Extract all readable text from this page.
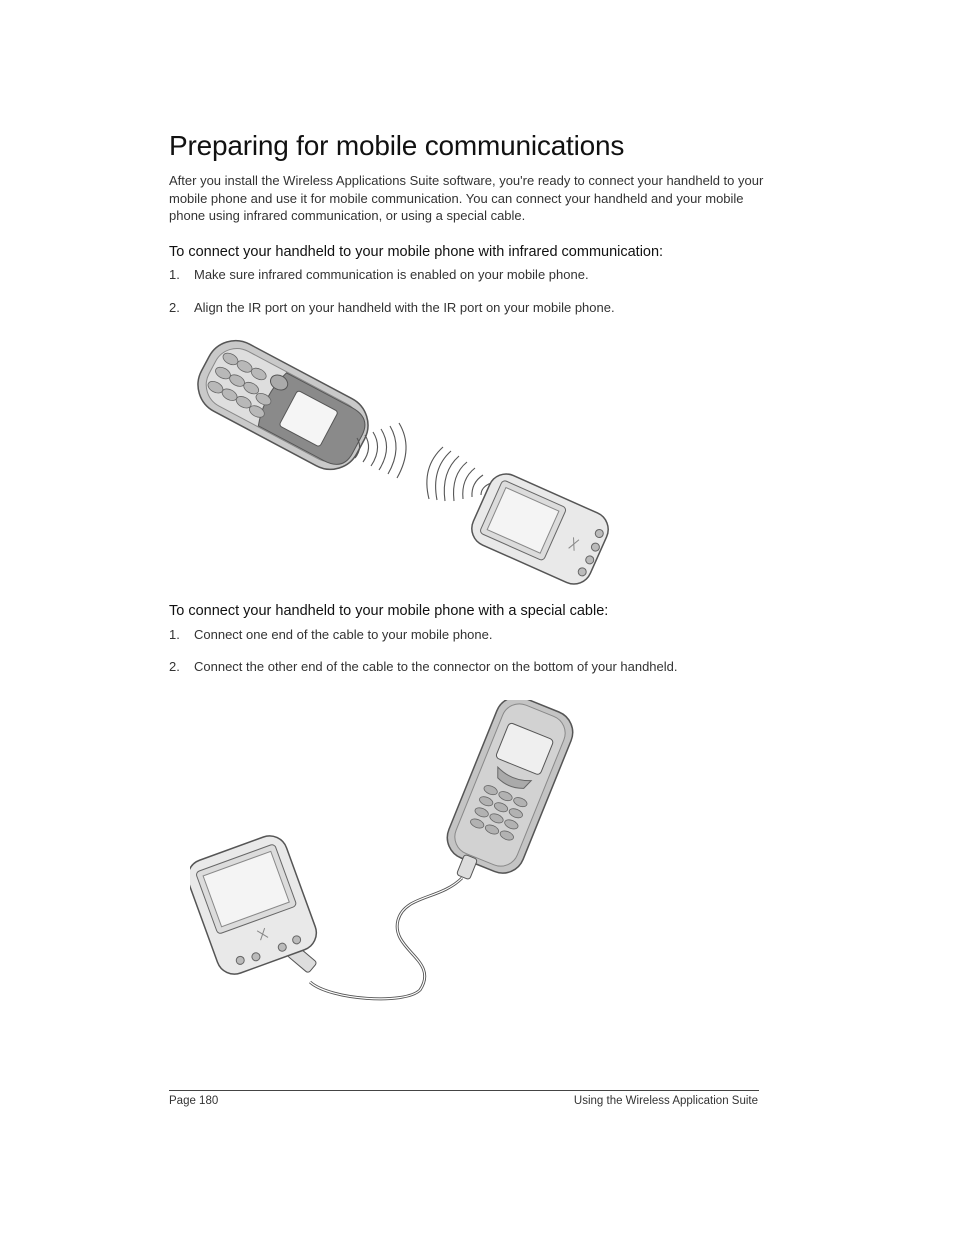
Preparing for mobile communications

After you install the Wireless Applications Suite software, you're ready to connect your handheld to your mobile phone and use it for mobile communication. You can connect your handheld and your mobile phone using infrared communication, or using a special cable.

To connect your handheld to your mobile phone with infrared communication:
1. Make sure infrared communication is enabled on your mobile phone.
2. Align the IR port on your handheld with the IR port on your mobile phone.
To connect your handheld to your mobile phone with a special cable:
1. Connect one end of the cable to your mobile phone.
2. Connect the other end of the cable to the connector on the bottom of your handheld.
Page 180	Using the Wireless Application Suite
